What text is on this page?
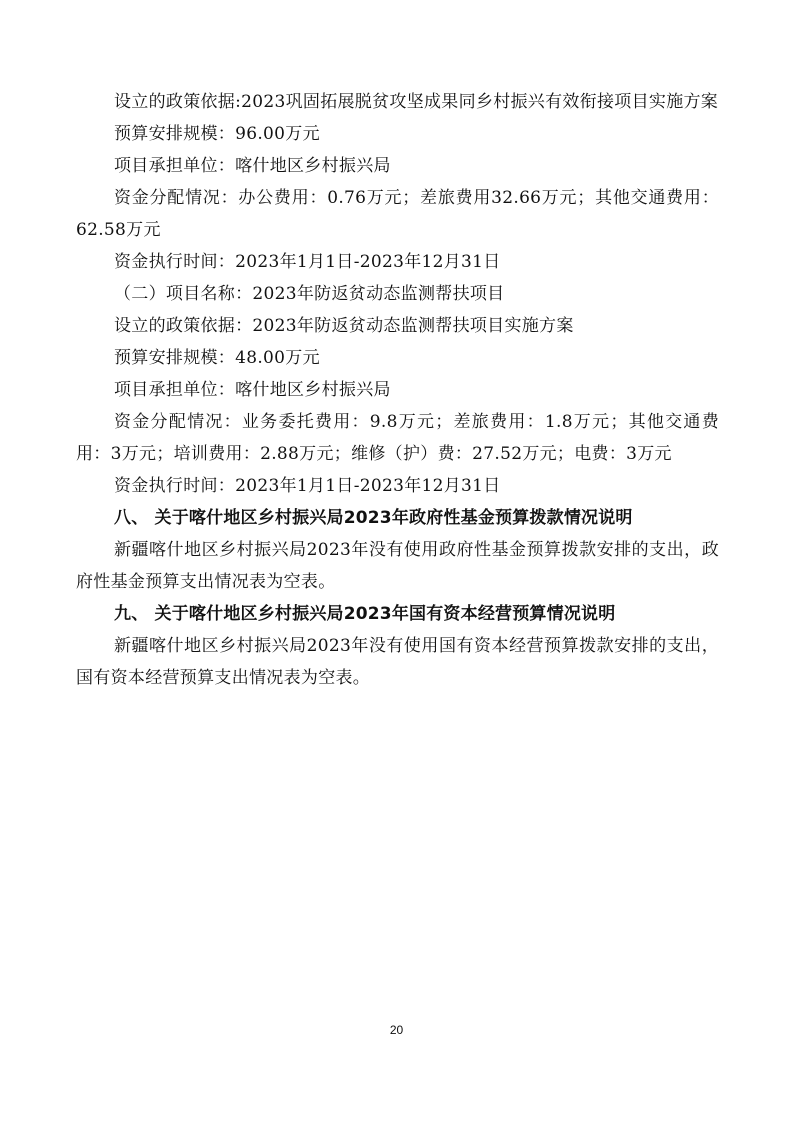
设立的政策依据:2023巩固拓展脱贫攻坚成果同乡村振兴有效衔接项目实施方案

预算安排规模：96.00万元

项目承担单位：喀什地区乡村振兴局

资金分配情况：办公费用：0.76万元；差旅费用32.66万元；其他交通费用：62.58万元

资金执行时间：2023年1月1日-2023年12月31日

（二）项目名称：2023年防返贫动态监测帮扶项目

设立的政策依据：2023年防返贫动态监测帮扶项目实施方案

预算安排规模：48.00万元

项目承担单位：喀什地区乡村振兴局

资金分配情况：业务委托费用：9.8万元；差旅费用：1.8万元；其他交通费用：3万元；培训费用：2.88万元；维修（护）费：27.52万元；电费：3万元

资金执行时间：2023年1月1日-2023年12月31日

八、 关于喀什地区乡村振兴局2023年政府性基金预算拨款情况说明

新疆喀什地区乡村振兴局2023年没有使用政府性基金预算拨款安排的支出，政府性基金预算支出情况表为空表。

九、 关于喀什地区乡村振兴局2023年国有资本经营预算情况说明

新疆喀什地区乡村振兴局2023年没有使用国有资本经营预算拨款安排的支出，国有资本经营预算支出情况表为空表。

20
